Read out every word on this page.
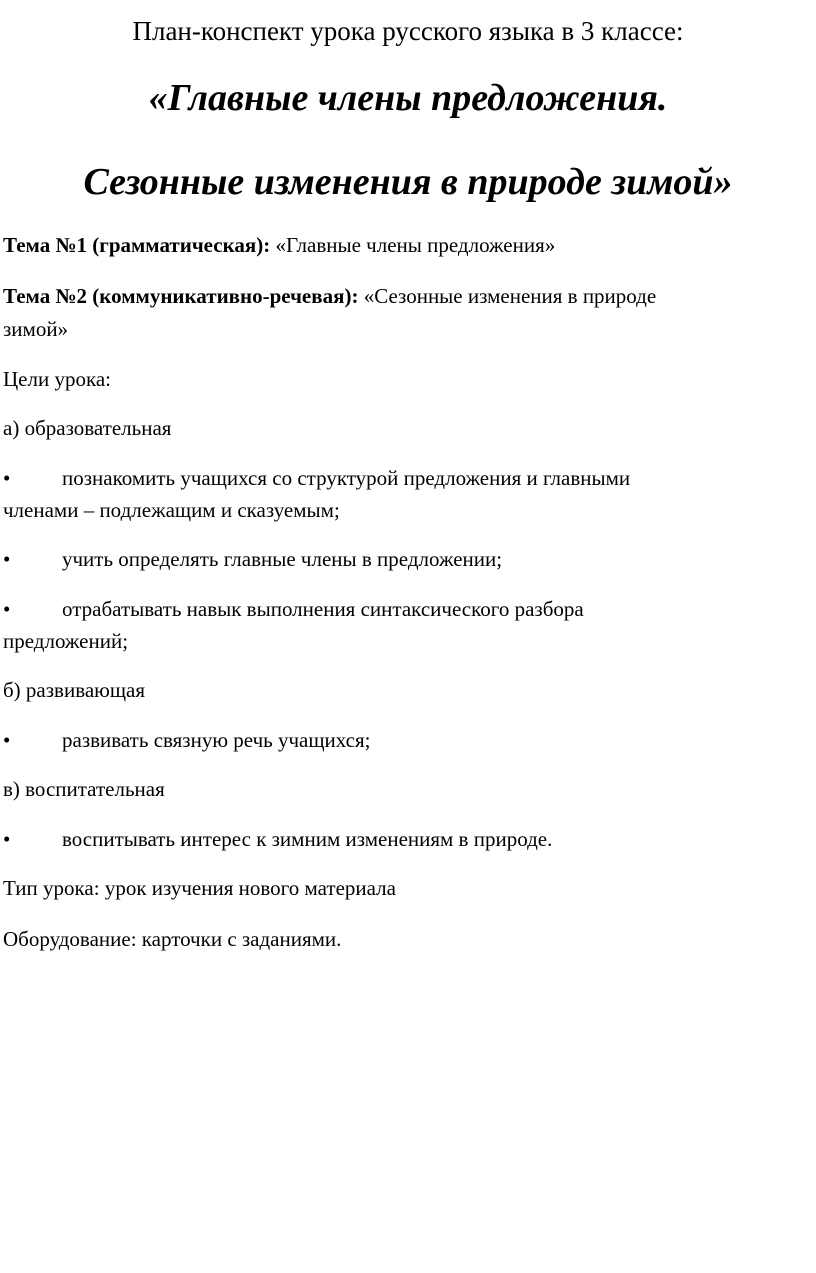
План-конспект урока русского языка в 3 классе:
«Главные члены предложения.
Сезонные изменения в природе зимой»
Тема №1 (грамматическая): «Главные члены предложения»
Тема №2 (коммуникативно-речевая): «Сезонные изменения в природе
зимой»
Цели урока:
а) образовательная
• познакомить учащихся со структурой предложения и главными
членами – подлежащим и сказуемым;
• учить определять главные члены в предложении;
• отрабатывать навык выполнения синтаксического разбора
предложений;
б) развивающая
• развивать связную речь учащихся;
в) воспитательная
• воспитывать интерес к зимним изменениям в природе.
Тип урока: урок изучения нового материала
Оборудование: карточки с заданиями.
